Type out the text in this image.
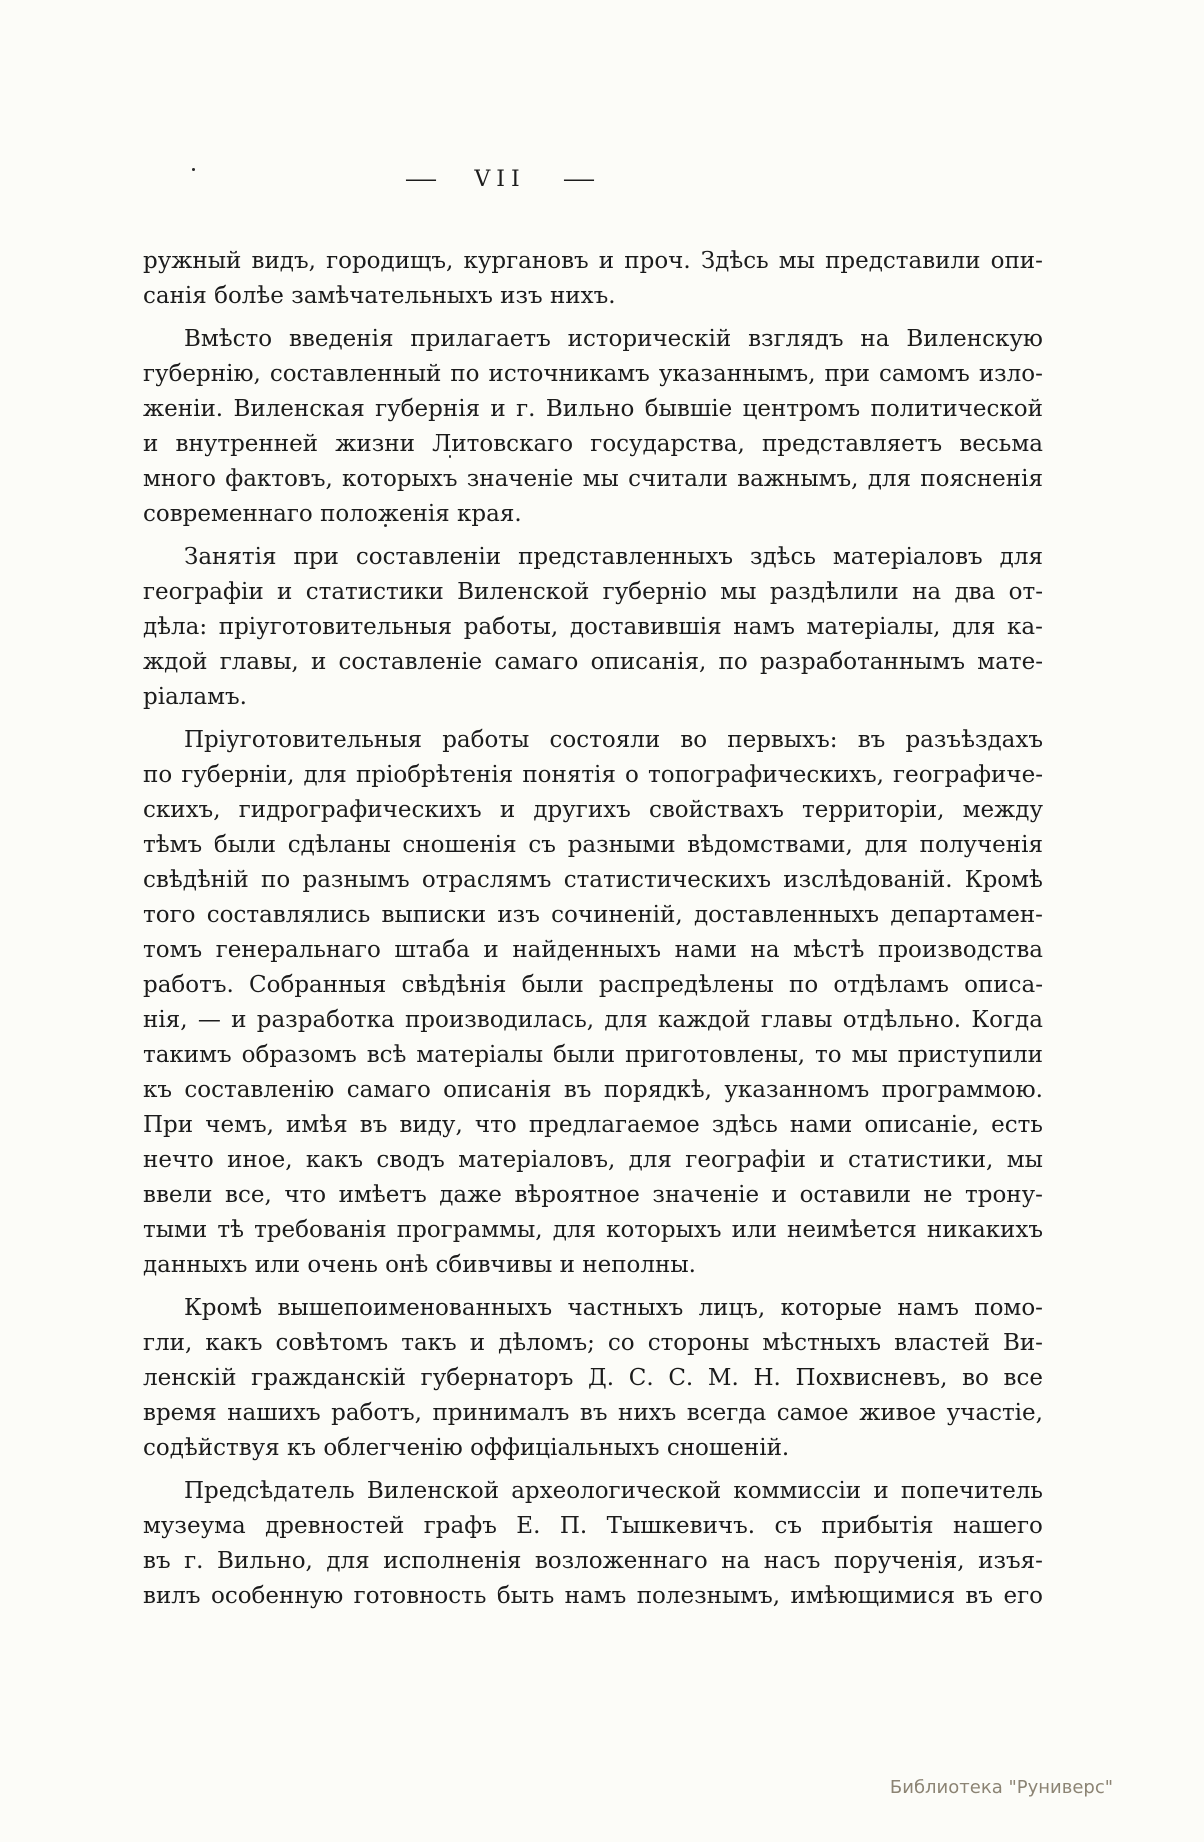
— VII —
ружный видъ, городищъ, кургановъ и проч. Здѣсь мы представили опи-
санія болѣе замѣчательныхъ изъ нихъ.
Вмѣсто введенія прилагаетъ историческій взглядъ на Виленскую
губернію, составленный по источникамъ указаннымъ, при самомъ изло-
женіи. Виленская губернія и г. Вильно бывшіе центромъ политической
и внутренней жизни Литовскаго государства, представляетъ весьма
много фактовъ, которыхъ значеніе мы считали важнымъ, для поясненія
современнаго положенія края.
Занятія при составленіи представленныхъ здѣсь матеріаловъ для
географіи и статистики Виленской губерніо мы раздѣлили на два от-
дѣла: пріуготовительныя работы, доставившія намъ матеріалы, для ка-
ждой главы, и составленіе самаго описанія, по разработаннымъ мате-
ріаламъ.
Пріуготовительныя работы состояли во первыхъ: въ разъѣздахъ
по губерніи, для пріобрѣтенія понятія о топографическихъ, географиче-
скихъ, гидрографическихъ и другихъ свойствахъ территоріи, между
тѣмъ были сдѣланы сношенія съ разными вѣдомствами, для полученія
свѣдѣній по разнымъ отраслямъ статистическихъ изслѣдованій. Кромѣ
того составлялись выписки изъ сочиненій, доставленныхъ департамен-
томъ генеральнаго штаба и найденныхъ нами на мѣстѣ производства
работъ. Собранныя свѣдѣнія были распредѣлены по отдѣламъ описа-
нія, — и разработка производилась, для каждой главы отдѣльно. Когда
такимъ образомъ всѣ матеріалы были приготовлены, то мы приступили
къ составленію самаго описанія въ порядкѣ, указанномъ программою.
При чемъ, имѣя въ виду, что предлагаемое здѣсь нами описаніе, есть
нечто иное, какъ сводъ матеріаловъ, для географіи и статистики, мы
ввели все, что имѣетъ даже вѣроятное значеніе и оставили не трону-
тыми тѣ требованія программы, для которыхъ или неимѣется никакихъ
данныхъ или очень онѣ сбивчивы и неполны.
Кромѣ вышепоименованныхъ частныхъ лицъ, которые намъ помо-
гли, какъ совѣтомъ такъ и дѣломъ; со стороны мѣстныхъ властей Ви-
ленскій гражданскій губернаторъ Д. С. С. М. Н. Похвисневъ, во все
время нашихъ работъ, принималъ въ нихъ всегда самое живое участіе,
содѣйствуя къ облегченію оффиціальныхъ сношеній.
Предсѣдатель Виленской археологической коммиссіи и попечитель
музеума древностей графъ Е. П. Тышкевичъ. съ прибытія нашего
въ г. Вильно, для исполненія возложеннаго на насъ порученія, изъя-
вилъ особенную готовность быть намъ полезнымъ, имѣющимися въ его
Библиотека "Руниверс"
